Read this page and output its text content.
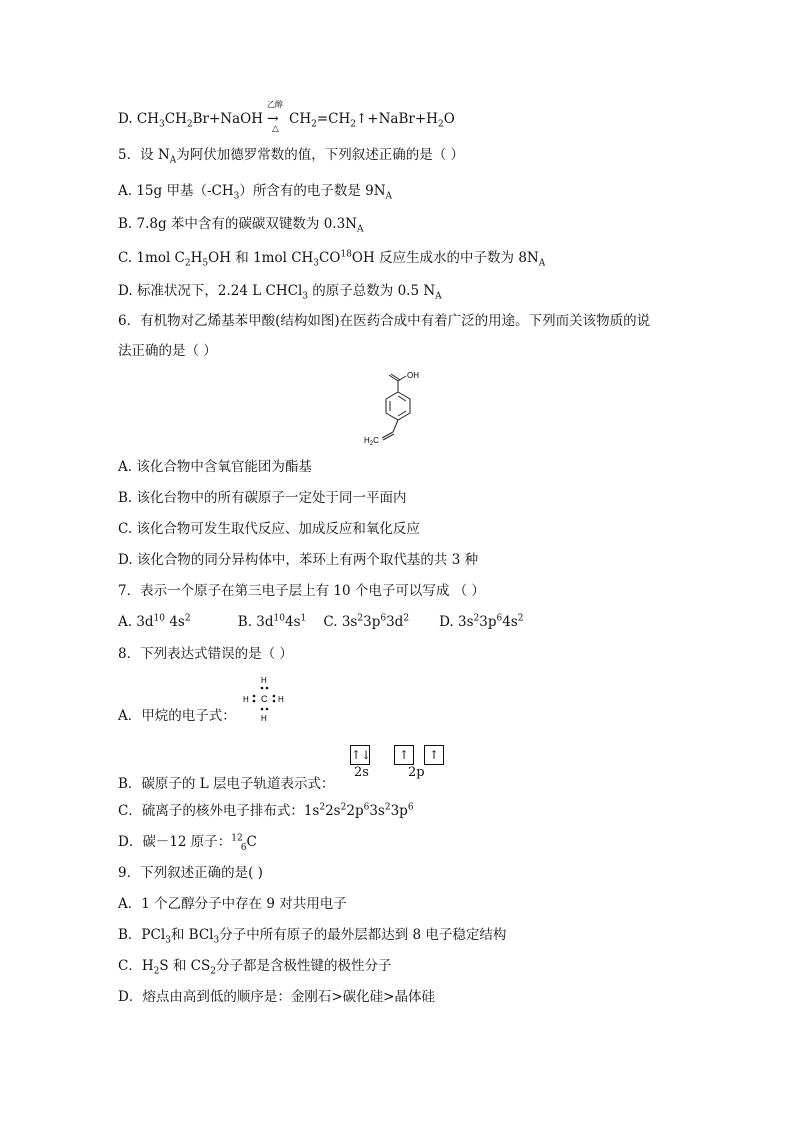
D. $CH_3CH_2Br+NaOH$
乙醇
→
△
$CH_2=CH_2↑+NaBr+H_2O$
5．设 $N_A$为阿伏加德罗常数的值，下列叙述正确的是（ ）
A. 15g 甲基$(-CH_3)$所含有的电子数是 $9N_A$
B. 7.8g 苯中含有的碳碳双键数为 $0.3N_A$
C. 1mol $C_2H_5OH$ 和 1mol $CH_3CO^{18}OH$ 反应生成水的中子数为 $8N_A$
D. 标准状况下，2.24 L CHCl$_3$ 的原子总数为 0.5 $N_A$
6．有机物对乙烯基苯甲酸(结构如图)在医药合成中有着广泛的用途。下列而关该物质的说
法正确的是（ ）
OH
$H_2C$
A. 该化合物中含氧官能团为酯基
B. 该化台物中的所有碳原子一定处于同一平面内
C. 该化合物可发生取代反应、加成反应和氧化反应
D. 该化合物的同分异构体中，苯环上有两个取代基的共 3 种
7．表示一个原子在第三电子层上有 10 个电子可以写成 （ ）
A. $3d^{10}$ $4s^2$           B. $3d^{10}4s^1$    C. $3s^23p^63d^2$       D. $3s^23p^64s^2$
8．下列表达式错误的是（ ）
H
H
H	H
C
A．甲烷的电子式：
↑↓	↑	↑
2s	2p
B．碳原子的 L 层电子轨道表示式：
C．硫离子的核外电子排布式：$1s^22s^22p^63s^23p^6$
D．碳－12 原子：$^{12}_6$C
9．下列叙述正确的是( )
A．1 个乙醇分子中存在 9 对共用电子
B．PCl$_3$和 BCl$_3$分子中所有原子的最外层都达到 8 电子稳定结构
C．$H_2S$ 和 $CS_2$分子都是含极性键的极性分子
D．熔点由高到低的顺序是：金刚石>碳化硅>晶体硅
